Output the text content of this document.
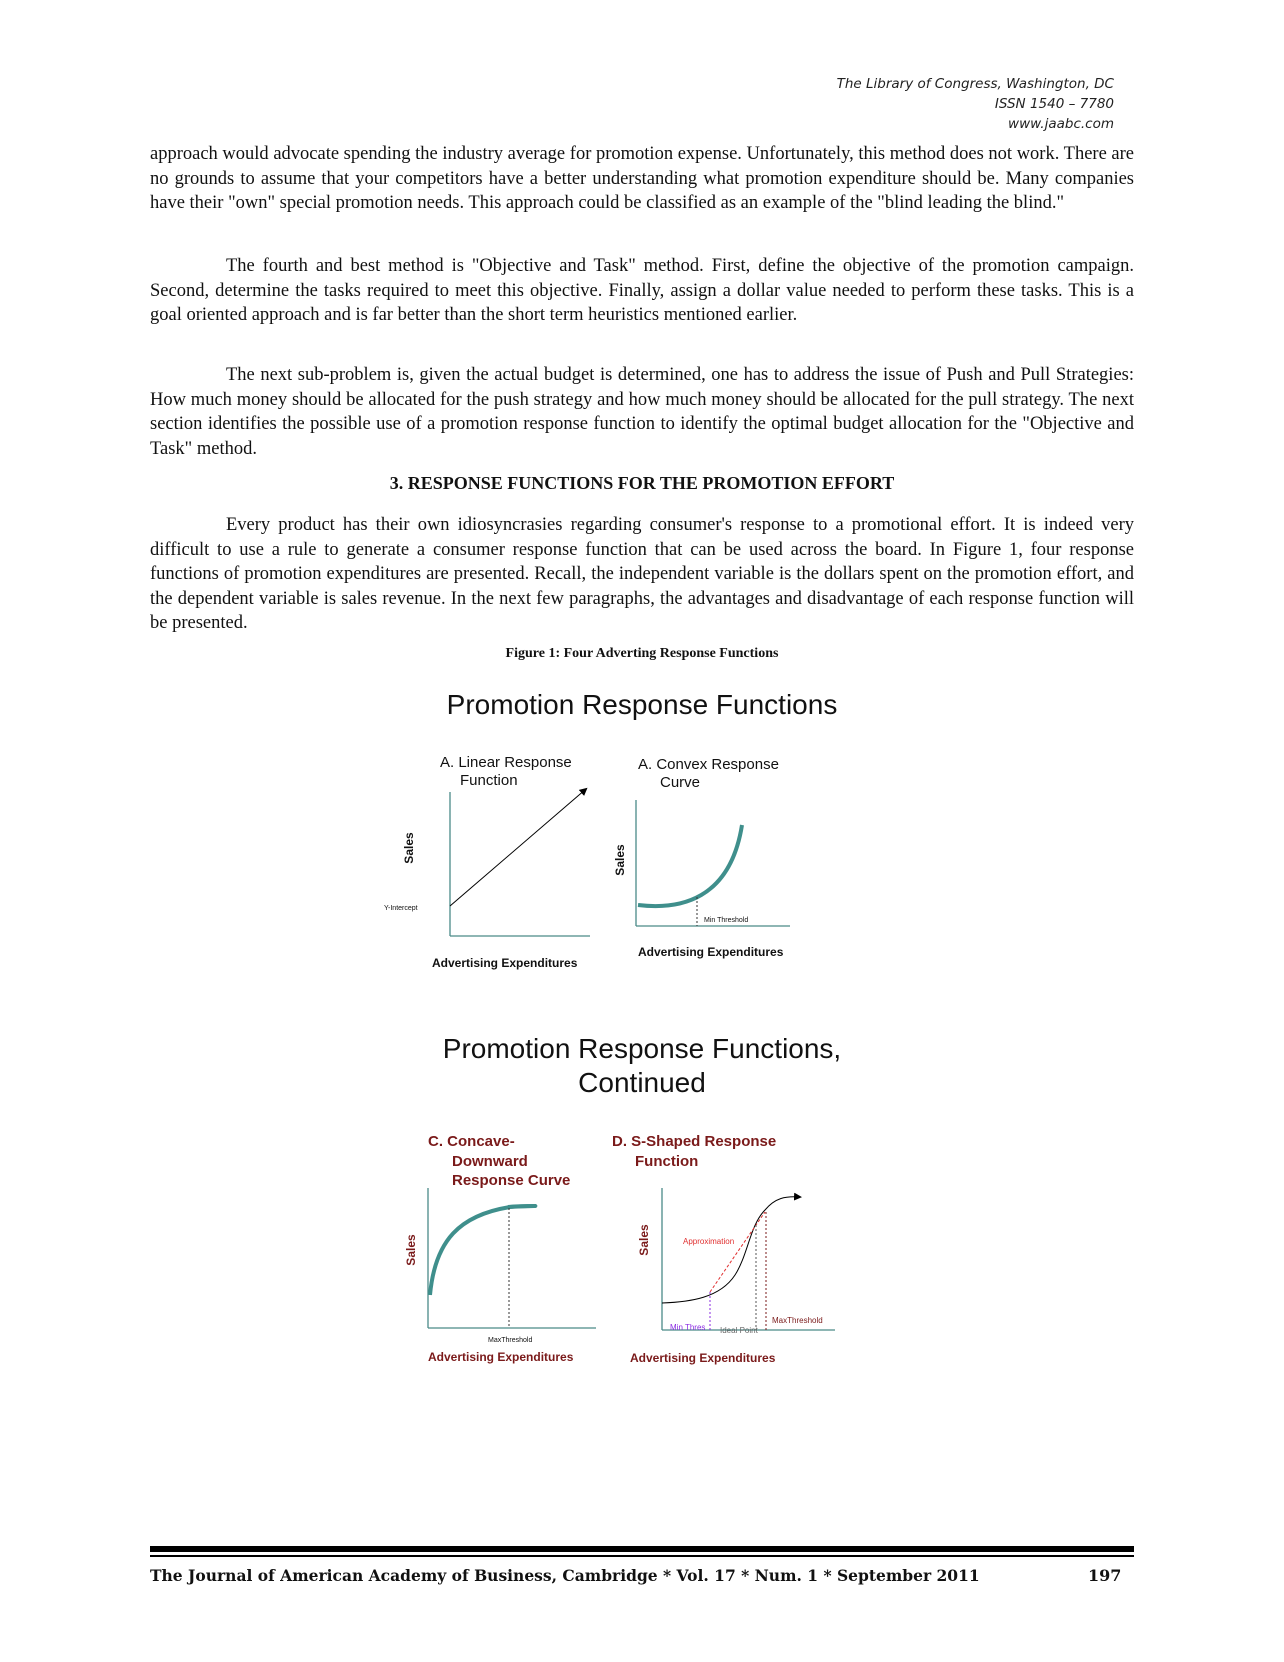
The Library of Congress, Washington, DC
ISSN 1540 – 7780
www.jaabc.com

approach would advocate spending the industry average for promotion expense. Unfortunately, this method does not work. There are no grounds to assume that your competitors have a better understanding what promotion expenditure should be. Many companies have their "own" special promotion needs. This approach could be classified as an example of the "blind leading the blind."

The fourth and best method is "Objective and Task" method. First, define the objective of the promotion campaign. Second, determine the tasks required to meet this objective. Finally, assign a dollar value needed to perform these tasks. This is a goal oriented approach and is far better than the short term heuristics mentioned earlier.

The next sub-problem is, given the actual budget is determined, one has to address the issue of Push and Pull Strategies: How much money should be allocated for the push strategy and how much money should be allocated for the pull strategy. The next section identifies the possible use of a promotion response function to identify the optimal budget allocation for the "Objective and Task" method.

3. RESPONSE FUNCTIONS FOR THE PROMOTION EFFORT

Every product has their own idiosyncrasies regarding consumer's response to a promotional effort. It is indeed very difficult to use a rule to generate a consumer response function that can be used across the board. In Figure 1, four response functions of promotion expenditures are presented. Recall, the independent variable is the dollars spent on the promotion effort, and the dependent variable is sales revenue. In the next few paragraphs, the advantages and disadvantage of each response function will be presented.

Figure 1: Four Adverting Response Functions
Promotion Response Functions
A. Linear Response
Function
Sales
Y-Intercept
Advertising Expenditures
A. Convex Response
Curve
Sales
Min Threshold
Advertising Expenditures
Promotion Response Functions,
Continued
C. Concave-
Downward
Response Curve
Sales
MaxThreshold
Advertising Expenditures
D. S-Shaped Response
Function
Sales	Approximation
Min Thres Ideal Point
MaxThreshold
Advertising Expenditures
The Journal of American Academy of Business, Cambridge * Vol. 17 * Num. 1 * September 2011	197
